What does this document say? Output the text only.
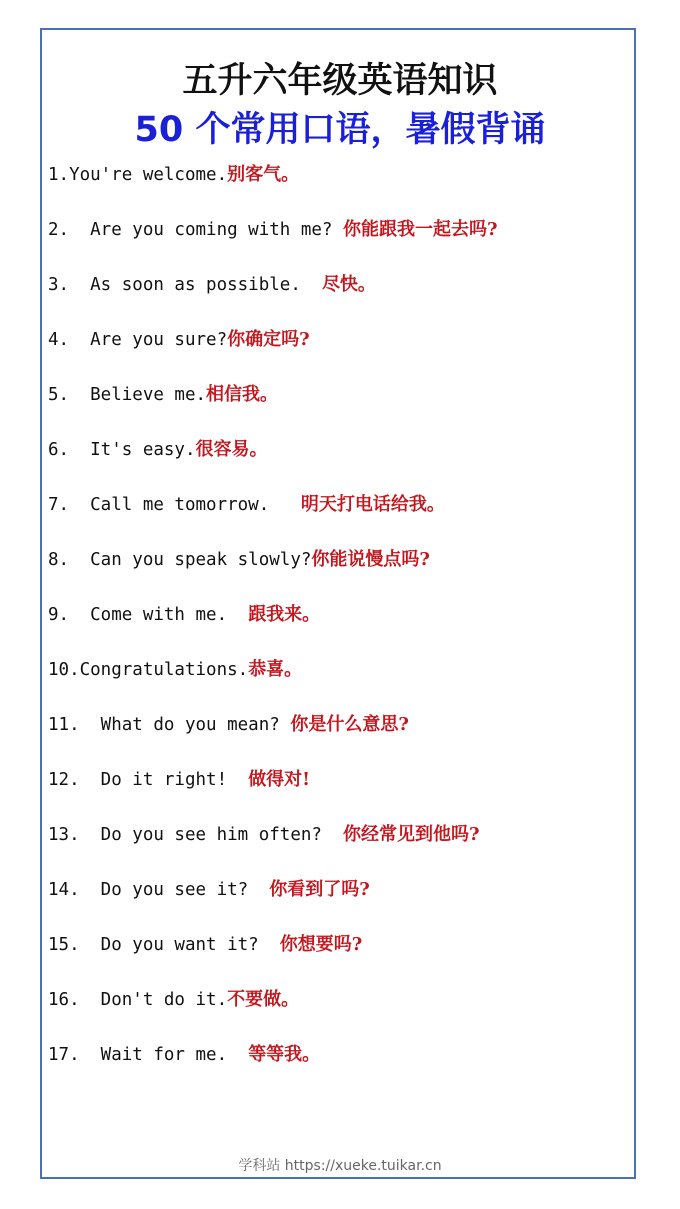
五升六年级英语知识
50 个常用口语，暑假背诵
1.You're welcome.别客气。
2.  Are you coming with me? 你能跟我一起去吗?
3.  As soon as possible.  尽快。
4.  Are you sure?你确定吗?
5.  Believe me.相信我。
6.  It's easy.很容易。
7.  Call me tomorrow.   明天打电话给我。
8.  Can you speak slowly?你能说慢点吗?
9.  Come with me.  跟我来。
10.Congratulations.恭喜。
11.  What do you mean? 你是什么意思?
12.  Do it right!  做得对!
13.  Do you see him often?  你经常见到他吗?
14.  Do you see it?  你看到了吗?
15.  Do you want it?  你想要吗?
16.  Don't do it.不要做。
17.  Wait for me.  等等我。
学科站 https://xueke.tuikar.cn
